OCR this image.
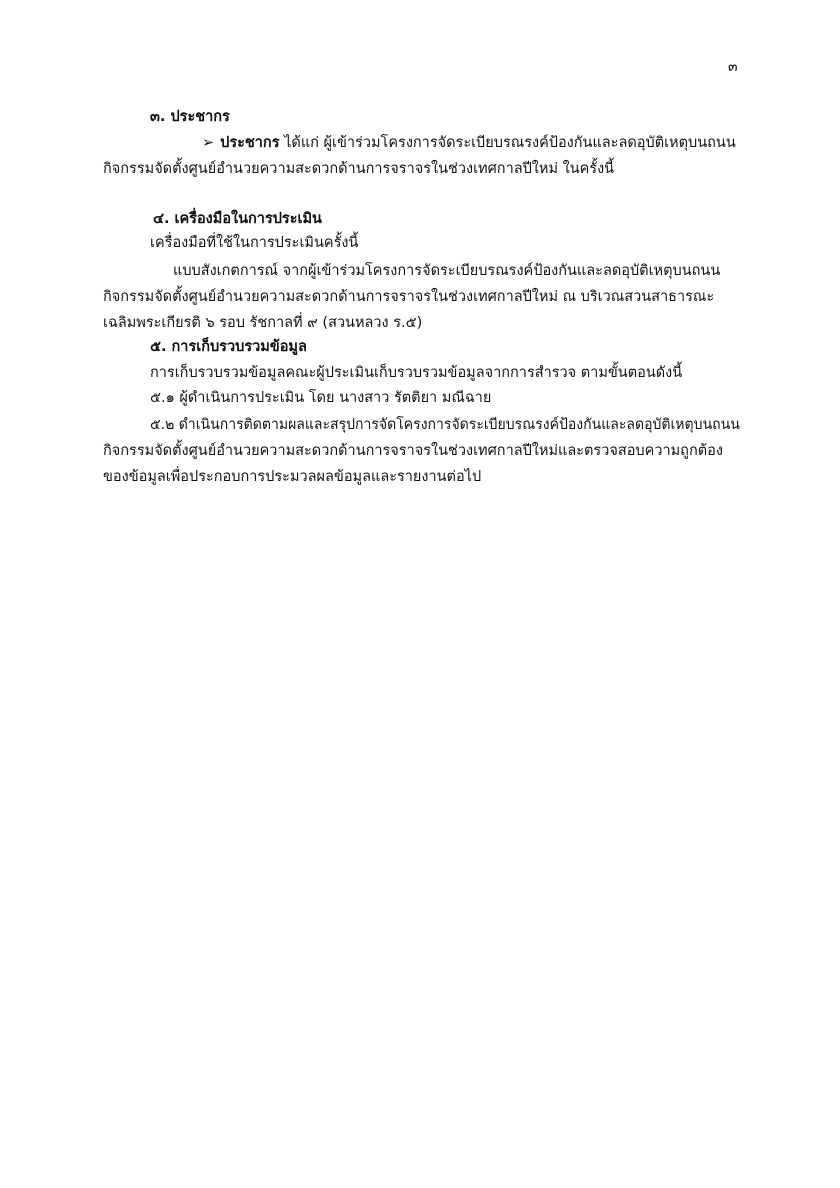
๓
๓. ประชากร
➢ ประชากร ได้แก่ ผู้เข้าร่วมโครงการจัดระเบียบรณรงค์ป้องกันและลดอุบัติเหตุบนถนน
กิจกรรมจัดตั้งศูนย์อำนวยความสะดวกด้านการจราจรในช่วงเทศกาลปีใหม่ ในครั้งนี้
๔. เครื่องมือในการประเมิน
เครื่องมือที่ใช้ในการประเมินครั้งนี้
แบบสังเกตการณ์ จากผู้เข้าร่วมโครงการจัดระเบียบรณรงค์ป้องกันและลดอุบัติเหตุบนถนน
กิจกรรมจัดตั้งศูนย์อำนวยความสะดวกด้านการจราจรในช่วงเทศกาลปีใหม่ ณ บริเวณสวนสาธารณะ
เฉลิมพระเกียรติ ๖ รอบ รัชกาลที่ ๙ (สวนหลวง ร.๕)
๕. การเก็บรวบรวมข้อมูล
การเก็บรวบรวมข้อมูลคณะผู้ประเมินเก็บรวบรวมข้อมูลจากการสำรวจ ตามขั้นตอนดังนี้
๕.๑ ผู้ดำเนินการประเมิน โดย นางสาว รัตติยา มณีฉาย
๕.๒ ดำเนินการติดตามผลและสรุปการจัดโครงการจัดระเบียบรณรงค์ป้องกันและลดอุบัติเหตุบนถนน
กิจกรรมจัดตั้งศูนย์อำนวยความสะดวกด้านการจราจรในช่วงเทศกาลปีใหม่และตรวจสอบความถูกต้อง
ของข้อมูลเพื่อประกอบการประมวลผลข้อมูลและรายงานต่อไป
